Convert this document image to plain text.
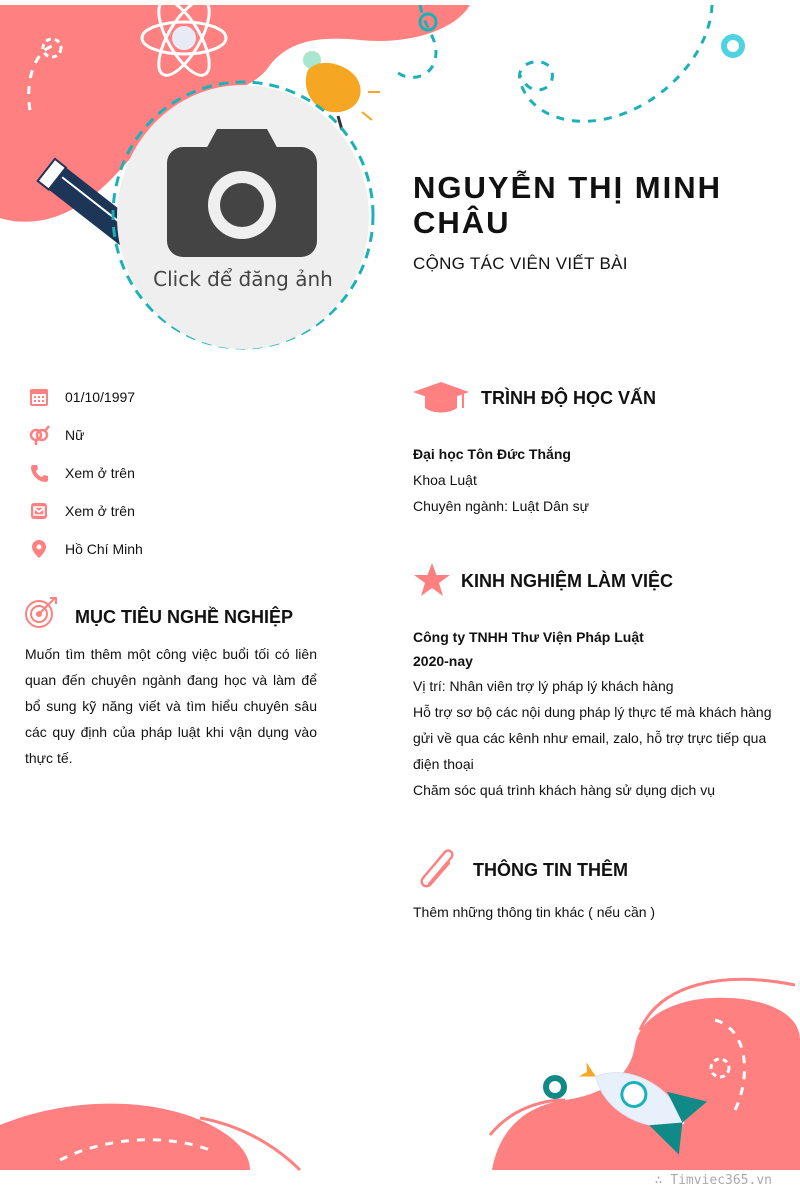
Click để đăng ảnh
NGUYỄN THỊ MINH CHÂU
CỘNG TÁC VIÊN VIẾT BÀI
01/10/1997
Nữ
Xem ở trên
Xem ở trên
Hồ Chí Minh
MỤC TIÊU NGHỀ NGHIỆP
Muốn tìm thêm một công việc buổi tối có liên quan đến chuyên ngành đang học và làm để bổ sung kỹ năng viết và tìm hiểu chuyên sâu các quy định của pháp luật khi vận dụng vào thực tế.
TRÌNH ĐỘ HỌC VẤN
Đại học Tôn Đức Thắng
Khoa Luật
Chuyên ngành: Luật Dân sự
KINH NGHIỆM LÀM VIỆC
Công ty TNHH Thư Viện Pháp Luật
2020-nay
Vị trí: Nhân viên trợ lý pháp lý khách hàng
Hỗ trợ sơ bộ các nội dung pháp lý thực tế mà khách hàng gửi về qua các kênh như email, zalo, hỗ trợ trực tiếp qua điện thoại
Chăm sóc quá trình khách hàng sử dụng dịch vụ
THÔNG TIN THÊM
Thêm những thông tin khác ( nếu cần )
∴ Timviec365.vn
